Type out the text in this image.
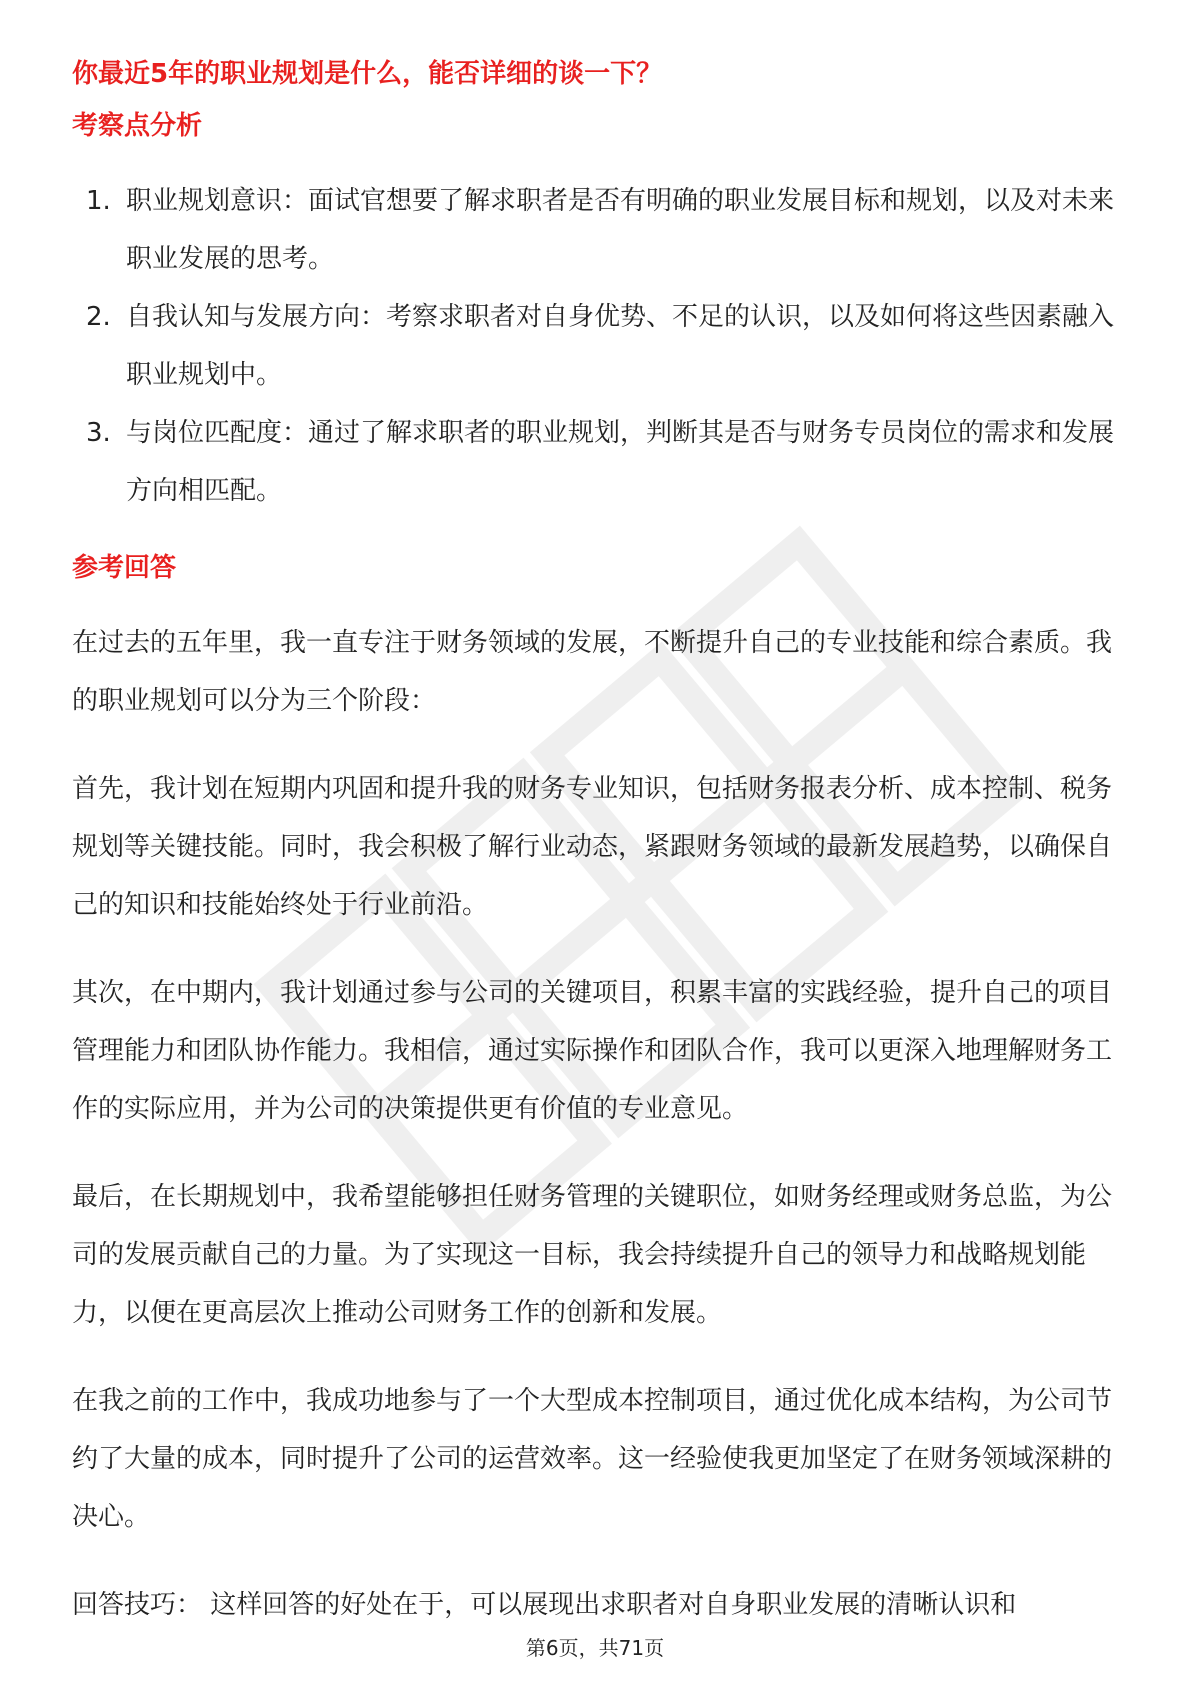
你最近5年的职业规划是什么，能否详细的谈一下？
考察点分析
1. 职业规划意识：面试官想要了解求职者是否有明确的职业发展目标和规划，以及对未来职业发展的思考。
2. 自我认知与发展方向：考察求职者对自身优势、不足的认识，以及如何将这些因素融入职业规划中。
3. 与岗位匹配度：通过了解求职者的职业规划，判断其是否与财务专员岗位的需求和发展方向相匹配。
参考回答

在过去的五年里，我一直专注于财务领域的发展，不断提升自己的专业技能和综合素质。我的职业规划可以分为三个阶段：

首先，我计划在短期内巩固和提升我的财务专业知识，包括财务报表分析、成本控制、税务规划等关键技能。同时，我会积极了解行业动态，紧跟财务领域的最新发展趋势，以确保自己的知识和技能始终处于行业前沿。

其次，在中期内，我计划通过参与公司的关键项目，积累丰富的实践经验，提升自己的项目管理能力和团队协作能力。我相信，通过实际操作和团队合作，我可以更深入地理解财务工作的实际应用，并为公司的决策提供更有价值的专业意见。

最后，在长期规划中，我希望能够担任财务管理的关键职位，如财务经理或财务总监，为公司的发展贡献自己的力量。为了实现这一目标，我会持续提升自己的领导力和战略规划能力，以便在更高层次上推动公司财务工作的创新和发展。

在我之前的工作中，我成功地参与了一个大型成本控制项目，通过优化成本结构，为公司节约了大量的成本，同时提升了公司的运营效率。这一经验使我更加坚定了在财务领域深耕的决心。

回答技巧： 这样回答的好处在于，可以展现出求职者对自身职业发展的清晰认识和

第6页，共71页
